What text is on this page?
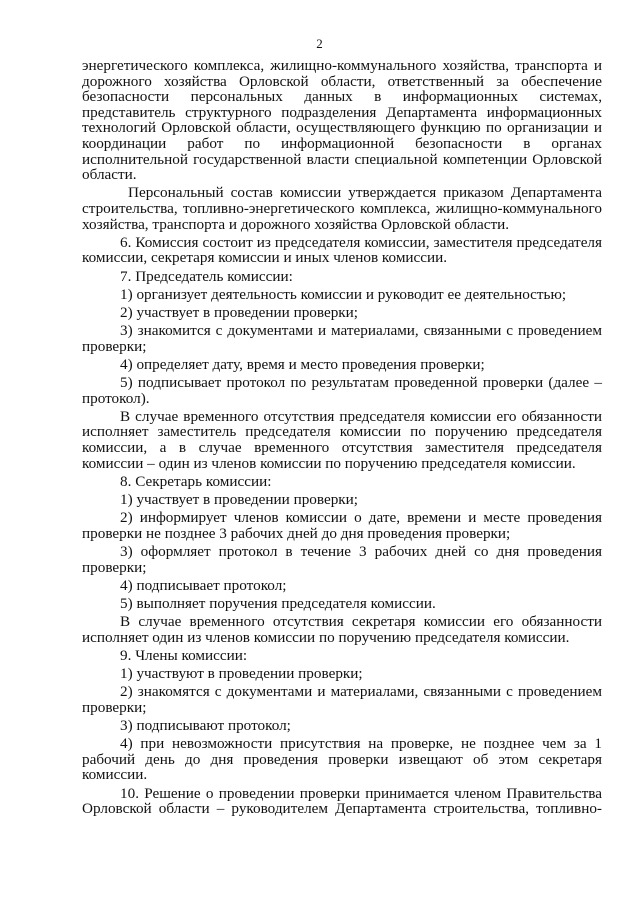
2

энергетического комплекса, жилищно-коммунального хозяйства, транспорта и дорожного хозяйства Орловской области, ответственный за обеспечение безопасности персональных данных в информационных системах, представитель структурного подразделения Департамента информационных технологий Орловской области, осуществляющего функцию по организации и координации работ по информационной безопасности в органах исполнительной государственной власти специальной компетенции Орловской области.

Персональный состав комиссии утверждается приказом Департамента строительства, топливно-энергетического комплекса, жилищно-коммунального хозяйства, транспорта и дорожного хозяйства Орловской области.

6. Комиссия состоит из председателя комиссии, заместителя председателя комиссии, секретаря комиссии и иных членов комиссии.

7. Председатель комиссии:

1) организует деятельность комиссии и руководит ее деятельностью;

2) участвует в проведении проверки;

3) знакомится с документами и материалами, связанными с проведением проверки;

4) определяет дату, время и место проведения проверки;

5) подписывает протокол по результатам проведенной проверки (далее – протокол).

В случае временного отсутствия председателя комиссии его обязанности исполняет заместитель председателя комиссии по поручению председателя комиссии, а в случае временного отсутствия заместителя председателя комиссии – один из членов комиссии по поручению председателя комиссии.

8. Секретарь комиссии:

1) участвует в проведении проверки;

2) информирует членов комиссии о дате, времени и месте проведения проверки не позднее 3 рабочих дней до дня проведения проверки;

3) оформляет протокол в течение 3 рабочих дней со дня проведения проверки;

4) подписывает протокол;

5) выполняет поручения председателя комиссии.

В случае временного отсутствия секретаря комиссии его обязанности исполняет один из членов комиссии по поручению председателя комиссии.

9. Члены комиссии:

1) участвуют в проведении проверки;

2) знакомятся с документами и материалами, связанными с проведением проверки;

3) подписывают протокол;

4) при невозможности присутствия на проверке, не позднее чем за 1 рабочий день до дня проведения проверки извещают об этом секретаря комиссии.

10. Решение о проведении проверки принимается членом Правительства Орловской области – руководителем Департамента строительства, топливно-
